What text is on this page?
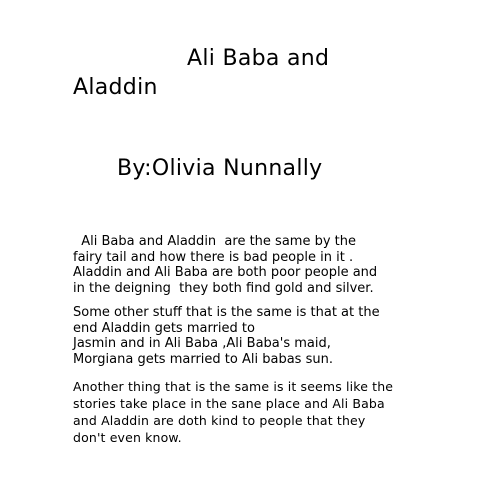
Ali Baba and
Aladdin
By:Olivia Nunnally
Ali Baba and Aladdin  are the same by the
fairy tail and how there is bad people in it .
Aladdin and Ali Baba are both poor people and
in the deigning  they both find gold and silver.
Some other stuff that is the same is that at the
end Aladdin gets married to
Jasmin and in Ali Baba ,Ali Baba's maid,
Morgiana gets married to Ali babas sun.
Another thing that is the same is it seems like the
stories take place in the sane place and Ali Baba
and Aladdin are doth kind to people that they
don't even know.
